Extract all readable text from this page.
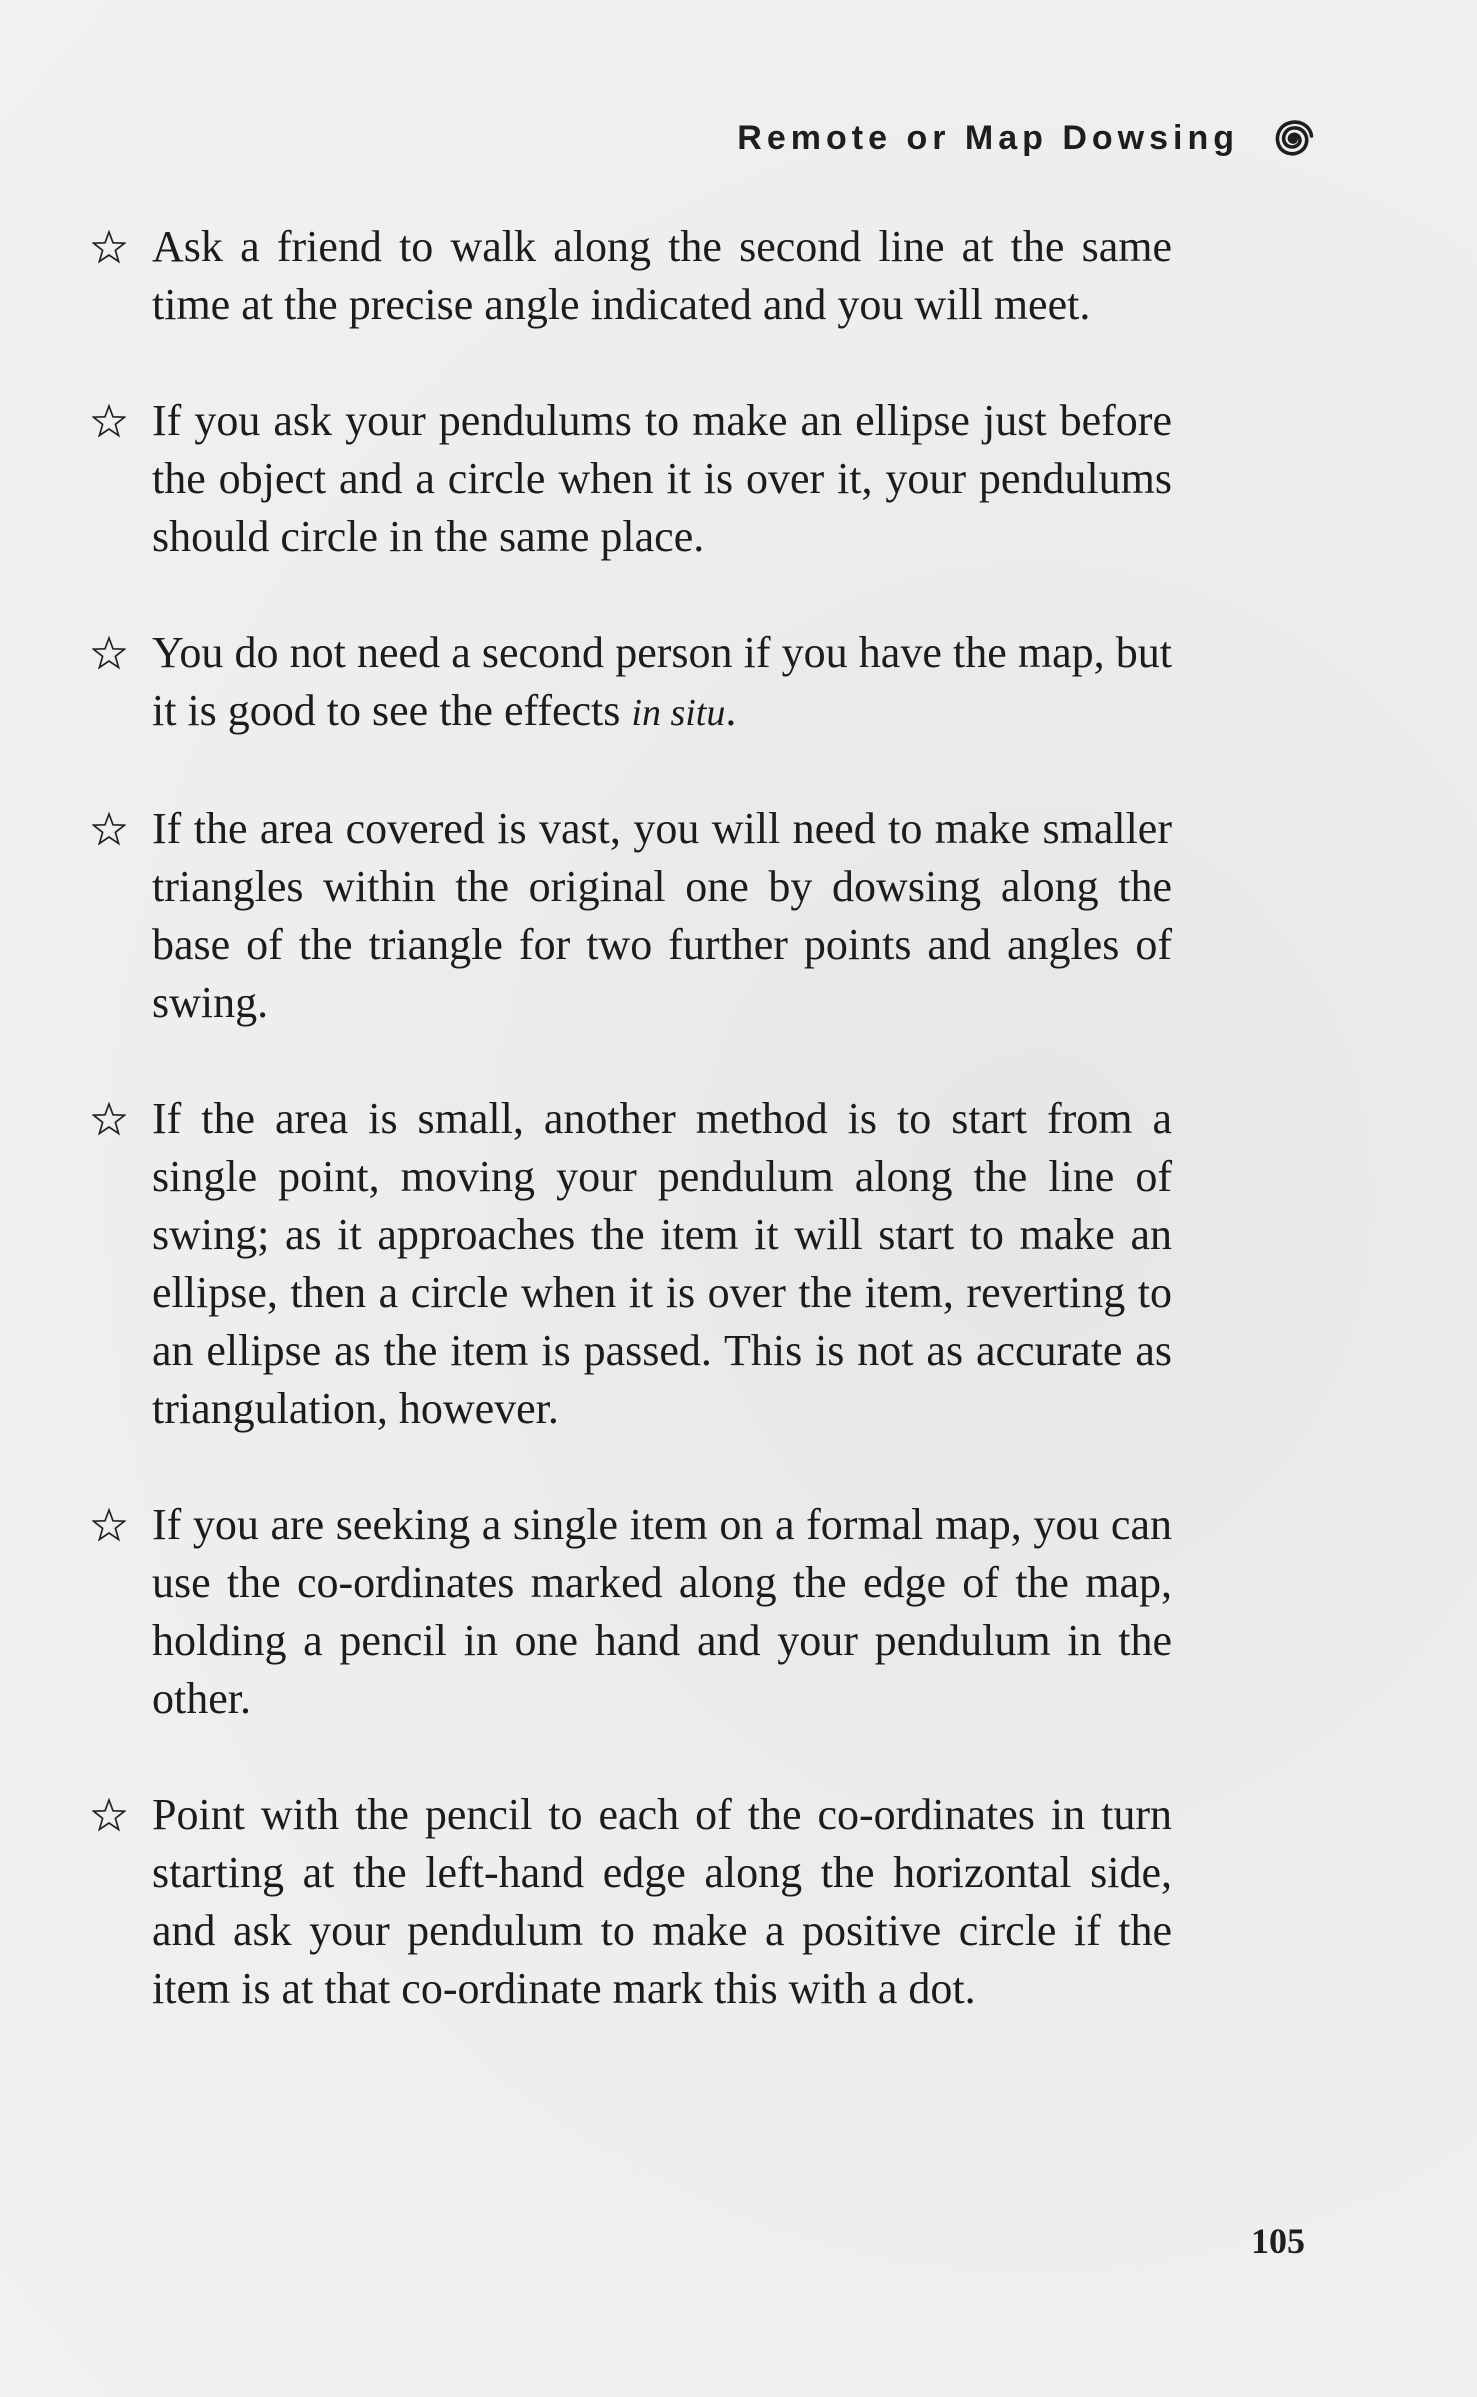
Remote or Map Dowsing
Ask a friend to walk along the second line at the same time at the precise angle indicated and you will meet.
If you ask your pendulums to make an ellipse just before the object and a circle when it is over it, your pendulums should circle in the same place.
You do not need a second person if you have the map, but it is good to see the effects in situ.
If the area covered is vast, you will need to make smaller triangles within the original one by dowsing along the base of the triangle for two further points and angles of swing.
If the area is small, another method is to start from a single point, moving your pendulum along the line of swing; as it approaches the item it will start to make an ellipse, then a circle when it is over the item, reverting to an ellipse as the item is passed. This is not as accurate as triangulation, however.
If you are seeking a single item on a formal map, you can use the co-ordinates marked along the edge of the map, holding a pencil in one hand and your pendulum in the other.
Point with the pencil to each of the co-ordinates in turn starting at the left-hand edge along the horizontal side, and ask your pendulum to make a positive circle if the item is at that co-ordinate mark this with a dot.
105
